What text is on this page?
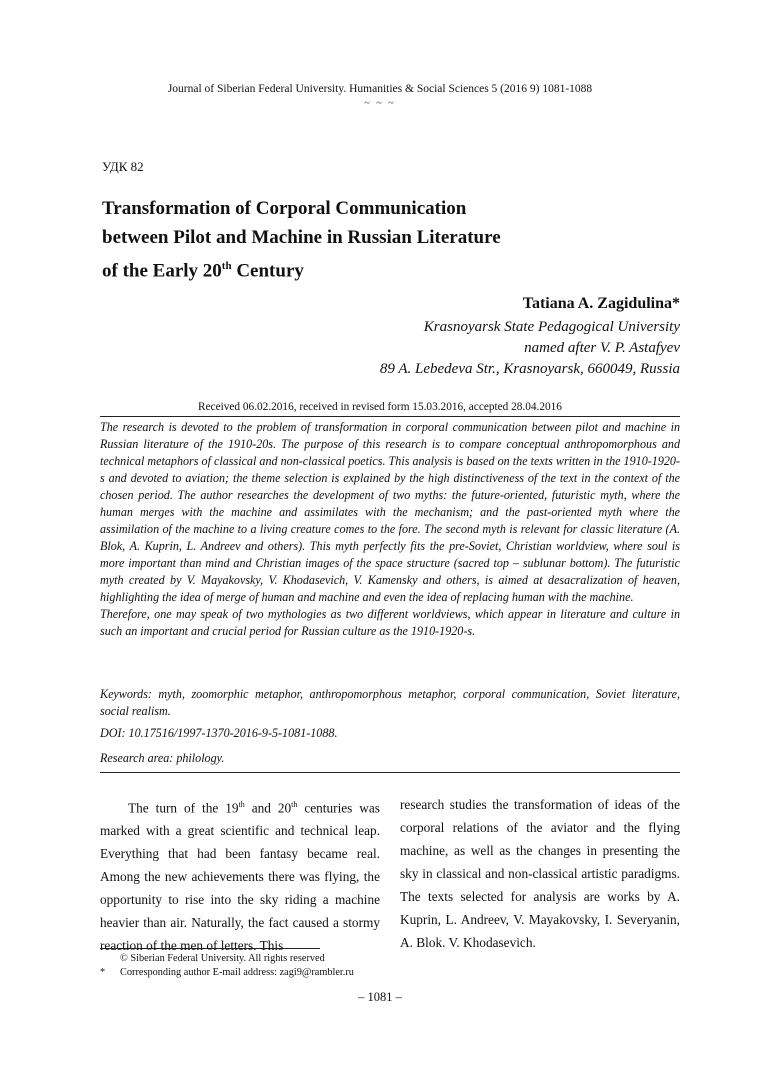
Journal of Siberian Federal University. Humanities & Social Sciences 5 (2016 9) 1081-1088
~ ~ ~
УДК 82
Transformation of Corporal Communication
between Pilot and Machine in Russian Literature
of the Early 20th Century
Tatiana A. Zagidulina*
Krasnoyarsk State Pedagogical University
named after V. P. Astafyev
89 A. Lebedeva Str., Krasnoyarsk, 660049, Russia
Received 06.02.2016, received in revised form 15.03.2016, accepted 28.04.2016

The research is devoted to the problem of transformation in corporal communication between pilot and machine in Russian literature of the 1910-20s. The purpose of this research is to compare conceptual anthropomorphous and technical metaphors of classical and non-classical poetics. This analysis is based on the texts written in the 1910-1920-s and devoted to aviation; the theme selection is explained by the high distinctiveness of the text in the context of the chosen period. The author researches the development of two myths: the future-oriented, futuristic myth, where the human merges with the machine and assimilates with the mechanism; and the past-oriented myth where the assimilation of the machine to a living creature comes to the fore. The second myth is relevant for classic literature (A. Blok, A. Kuprin, L. Andreev and others). This myth perfectly fits the pre-Soviet, Christian worldview, where soul is more important than mind and Christian images of the space structure (sacred top – sublunar bottom). The futuristic myth created by V. Mayakovsky, V. Khodasevich, V. Kamensky and others, is aimed at desacralization of heaven, highlighting the idea of merge of human and machine and even the idea of replacing human with the machine.

Therefore, one may speak of two mythologies as two different worldviews, which appear in literature and culture in such an important and crucial period for Russian culture as the 1910-1920-s.

Keywords: myth, zoomorphic metaphor, anthropomorphous metaphor, corporal communication, Soviet literature, social realism.
DOI: 10.17516/1997-1370-2016-9-5-1081-1088.
Research area: philology.

The turn of the 19th and 20th centuries was marked with a great scientific and technical leap. Everything that had been fantasy became real. Among the new achievements there was flying, the opportunity to rise into the sky riding a machine heavier than air. Naturally, the fact caused a stormy reaction of the men of letters. This

research studies the transformation of ideas of the corporal relations of the aviator and the flying machine, as well as the changes in presenting the sky in classical and non-classical artistic paradigms. The texts selected for analysis are works by A. Kuprin, L. Andreev, V. Mayakovsky, I. Severyanin, A. Blok. V. Khodasevich.

© Siberian Federal University. All rights reserved
* Corresponding author E-mail address: zagi9@rambler.ru
– 1081 –
